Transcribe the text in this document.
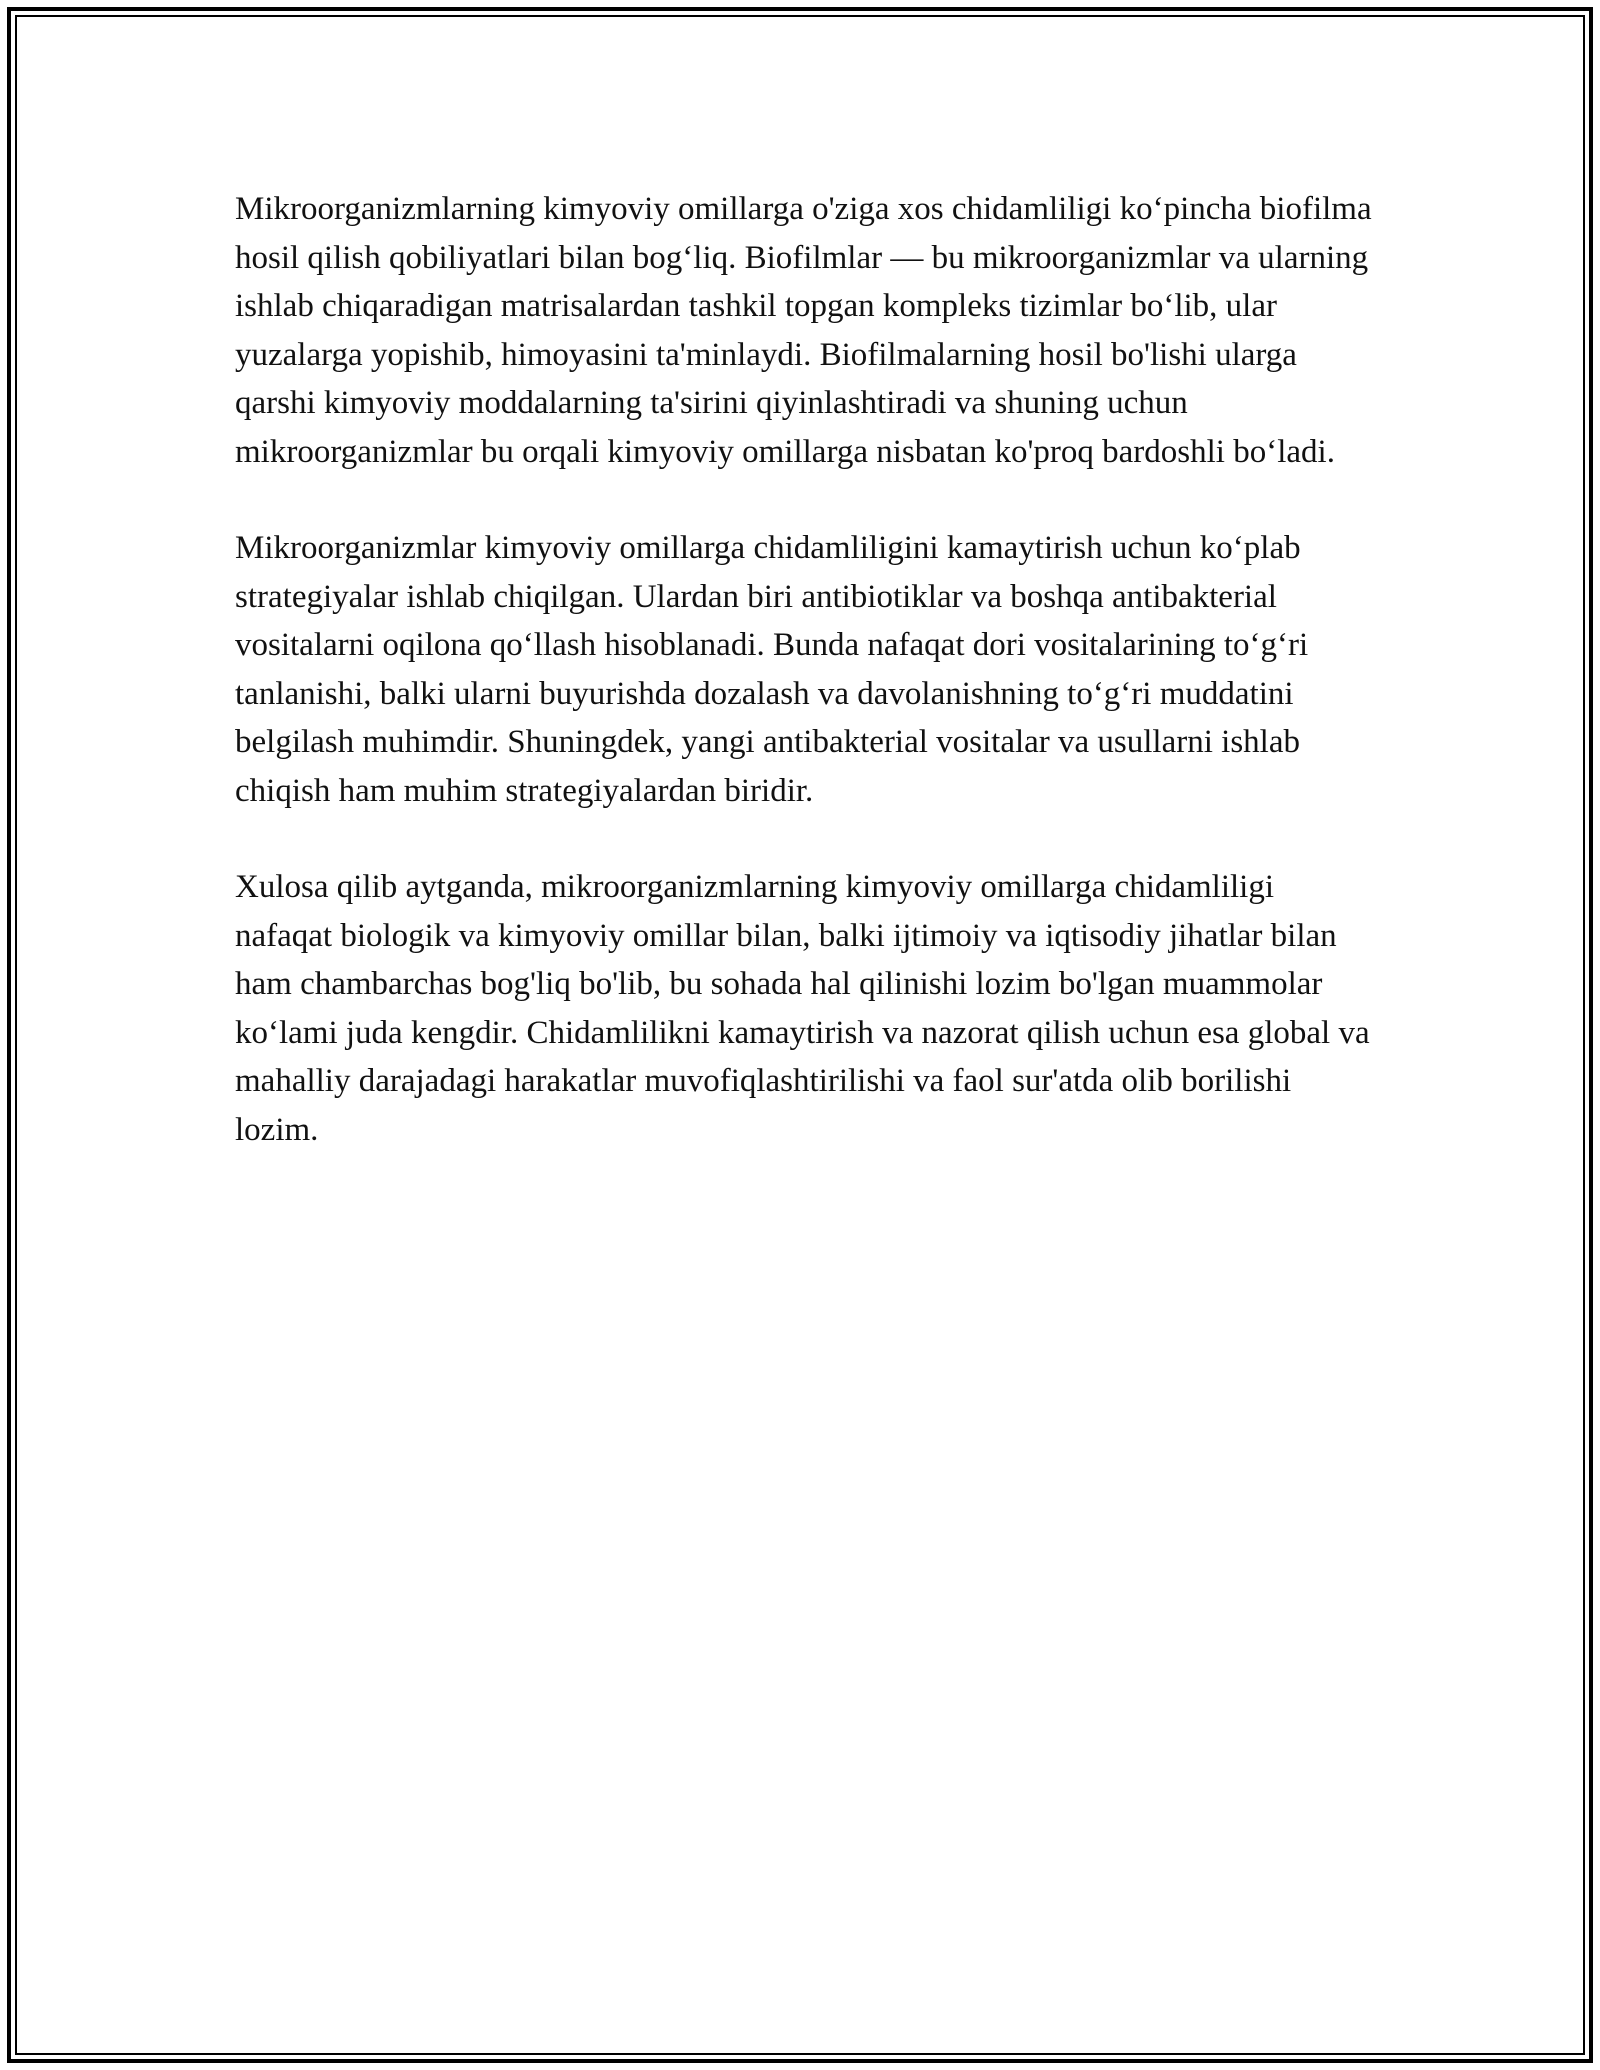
Mikroorganizmlarning kimyoviy omillarga o'ziga xos chidamliligi ko‘pincha biofilma hosil qilish qobiliyatlari bilan bog‘liq. Biofilmlar — bu mikroorganizmlar va ularning ishlab chiqaradigan matrisalardan tashkil topgan kompleks tizimlar bo‘lib, ular yuzalarga yopishib, himoyasini ta'minlaydi. Biofilmalarning hosil bo'lishi ularga qarshi kimyoviy moddalarning ta'sirini qiyinlashtiradi va shuning uchun mikroorganizmlar bu orqali kimyoviy omillarga nisbatan ko'proq bardoshli bo‘ladi.

Mikroorganizmlar kimyoviy omillarga chidamliligini kamaytirish uchun ko‘plab strategiyalar ishlab chiqilgan. Ulardan biri antibiotiklar va boshqa antibakterial vositalarni oqilona qo‘llash hisoblanadi. Bunda nafaqat dori vositalarining to‘g‘ri tanlanishi, balki ularni buyurishda dozalash va davolanishning to‘g‘ri muddatini belgilash muhimdir. Shuningdek, yangi antibakterial vositalar va usullarni ishlab chiqish ham muhim strategiyalardan biridir.

Xulosa qilib aytganda, mikroorganizmlarning kimyoviy omillarga chidamliligi nafaqat biologik va kimyoviy omillar bilan, balki ijtimoiy va iqtisodiy jihatlar bilan ham chambarchas bog'liq bo'lib, bu sohada hal qilinishi lozim bo'lgan muammolar ko‘lami juda kengdir. Chidamlilikni kamaytirish va nazorat qilish uchun esa global va mahalliy darajadagi harakatlar muvofiqlashtirilishi va faol sur'atda olib borilishi lozim.
